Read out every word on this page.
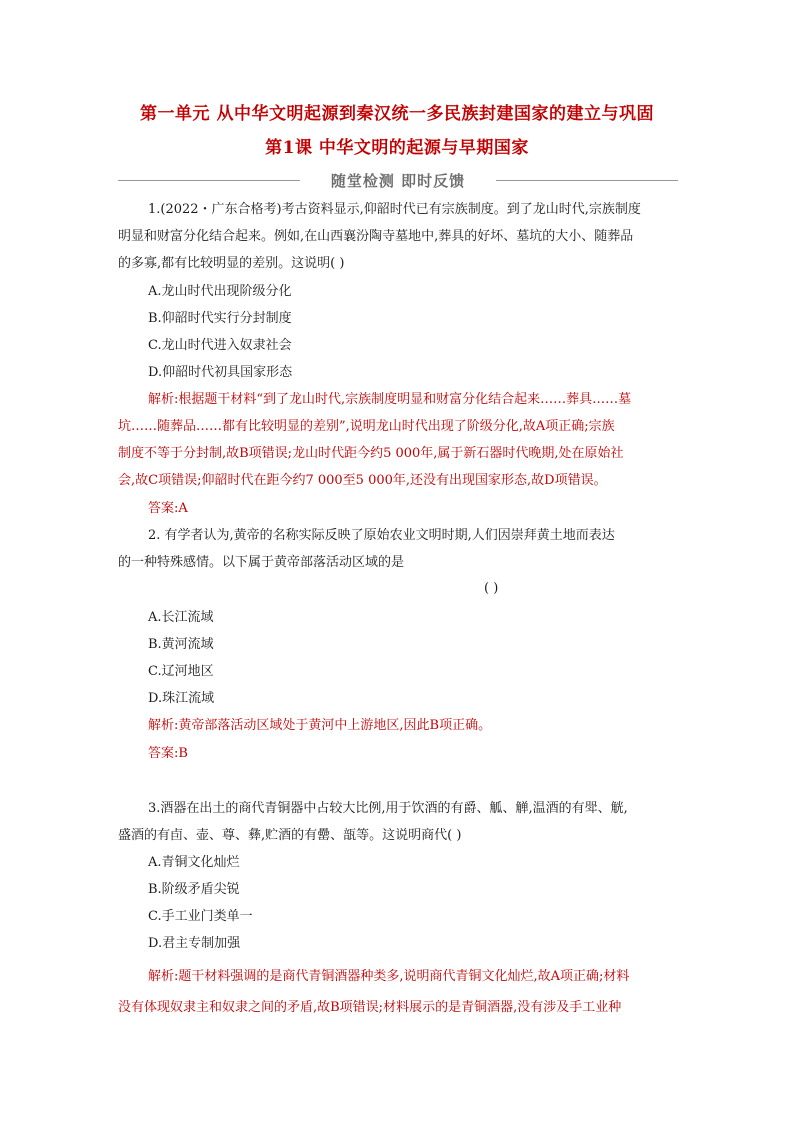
第一单元 从中华文明起源到秦汉统一多民族封建国家的建立与巩固
第1课 中华文明的起源与早期国家
随堂检测 即时反馈
1.(2022・广东合格考)考古资料显示,仰韶时代已有宗族制度。到了龙山时代,宗族制度
明显和财富分化结合起来。例如,在山西襄汾陶寺墓地中,葬具的好坏、墓坑的大小、随葬品
的多寡,都有比较明显的差别。这说明( )
A.龙山时代出现阶级分化
B.仰韶时代实行分封制度
C.龙山时代进入奴隶社会
D.仰韶时代初具国家形态
解析:根据题干材料“到了龙山时代,宗族制度明显和财富分化结合起来……葬具……墓
坑……随葬品……都有比较明显的差别”,说明龙山时代出现了阶级分化,故A项正确;宗族
制度不等于分封制,故B项错误;龙山时代距今约5 000年,属于新石器时代晚期,处在原始社
会,故C项错误;仰韶时代在距今约7 000至5 000年,还没有出现国家形态,故D项错误。
答案:A
2. 有学者认为,黄帝的名称实际反映了原始农业文明时期,人们因崇拜黄土地而表达
的一种特殊感情。以下属于黄帝部落活动区域的是
( )
A.长江流域
B.黄河流域
C.辽河地区
D.珠江流域
解析:黄帝部落活动区域处于黄河中上游地区,因此B项正确。
答案:B
3.酒器在出土的商代青铜器中占较大比例,用于饮酒的有爵、觚、觯,温酒的有斝、觥,
盛酒的有卣、壶、尊、彝,贮酒的有罍、瓿等。这说明商代( )
A.青铜文化灿烂
B.阶级矛盾尖锐
C.手工业门类单一
D.君主专制加强
解析:题干材料强调的是商代青铜酒器种类多,说明商代青铜文化灿烂,故A项正确;材料
没有体现奴隶主和奴隶之间的矛盾,故B项错误;材料展示的是青铜酒器,没有涉及手工业种
